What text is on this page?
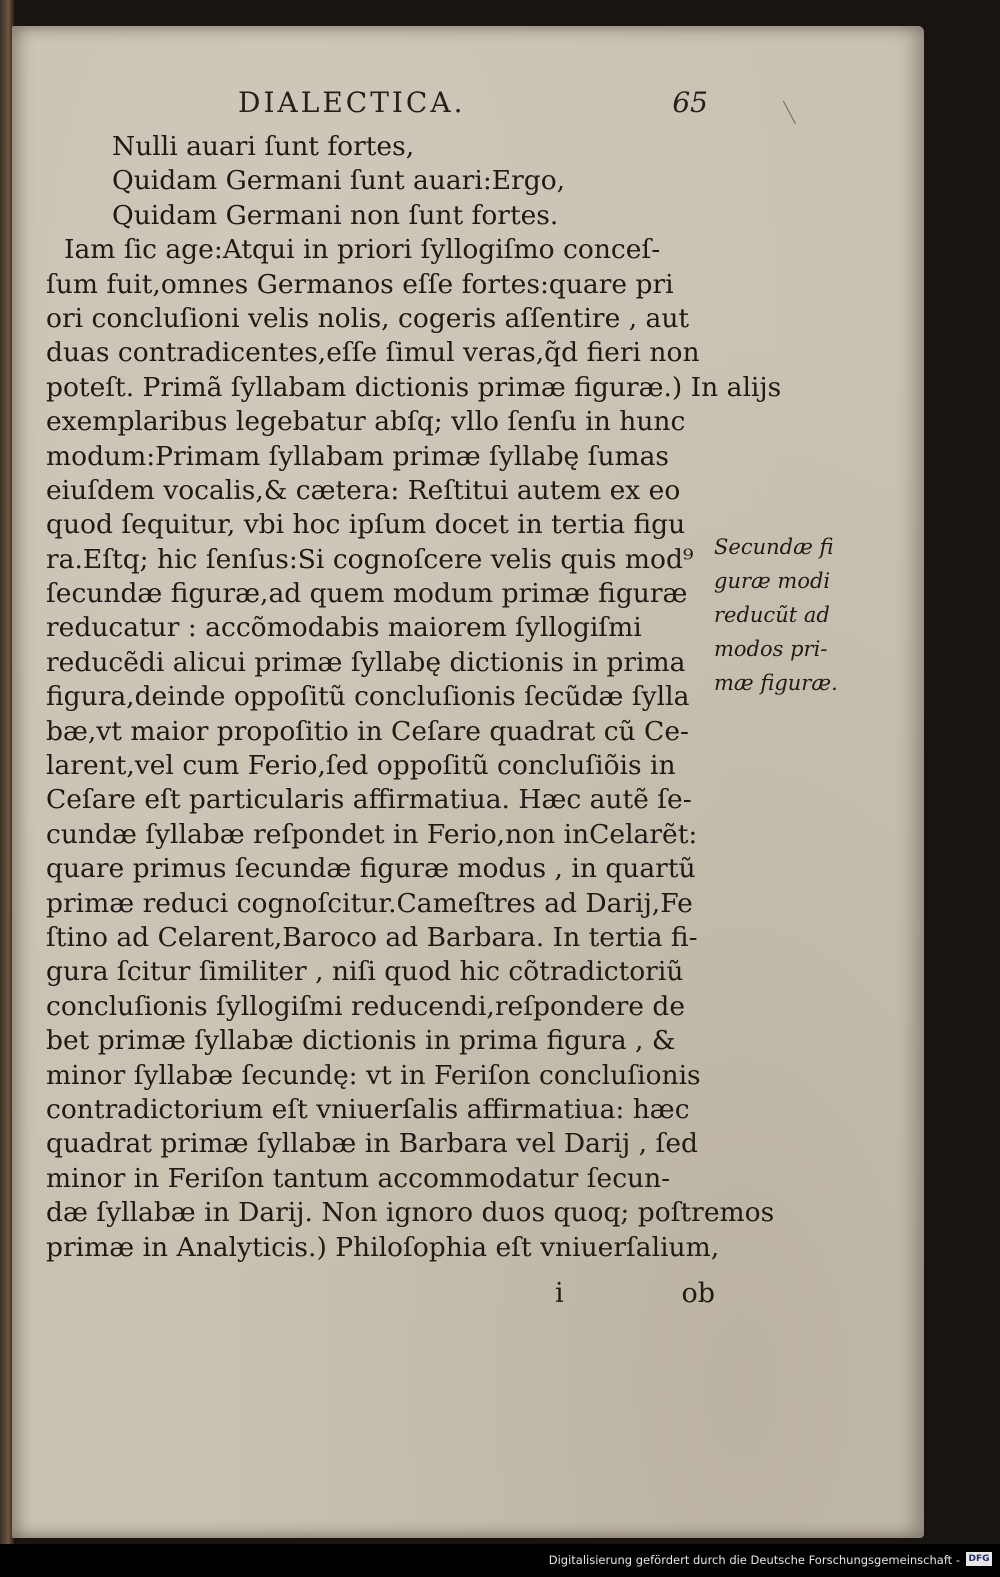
DIALECTICA.	65
Nulli auari ſunt fortes,
Quidam Germani ſunt auari:Ergo,
Quidam Germani non ſunt fortes.
Iam ſic age:Atqui in priori ſyllogiſmo conceſ-
ſum fuit,omnes Germanos eſſe fortes:quare pri
ori concluſioni velis nolis, cogeris aſſentire , aut
duas contradicentes,eſſe ſimul veras,q̃d fieri non
poteſt. Primã ſyllabam dictionis primæ figuræ.) In alijs
exemplaribus legebatur abſq; vllo ſenſu in hunc
modum:Primam ſyllabam primæ ſyllabę ſumas
eiuſdem vocalis,& cætera: Reſtitui autem ex eo
quod ſequitur, vbi hoc ipſum docet in tertia figu
ra.Eſtq; hic ſenſus:Si cognoſcere velis quis mod⁹
ſecundæ figuræ,ad quem modum primæ figuræ
reducatur : accõmodabis maiorem ſyllogiſmi
reducẽdi alicui primæ ſyllabę dictionis in prima
figura,deinde oppoſitũ concluſionis ſecũdæ ſylla
bæ,vt maior propoſitio in Ceſare quadrat cũ Ce-
larent,vel cum Ferio,ſed oppoſitũ concluſiõis in
Ceſare eſt particularis affirmatiua. Hæc autẽ ſe-
cundæ ſyllabæ reſpondet in Ferio,non inCelarẽt:
quare primus ſecundæ figuræ modus , in quartũ
primæ reduci cognoſcitur.Cameſtres ad Darij,Fe
ſtino ad Celarent,Baroco ad Barbara. In tertia fi-
gura ſcitur ſimiliter , niſi quod hic cõtradictoriũ
concluſionis ſyllogiſmi reducendi,reſpondere de
bet primæ ſyllabæ dictionis in prima figura , &
minor ſyllabæ ſecundę: vt in Feriſon concluſionis
contradictorium eſt vniuerſalis affirmatiua: hæc
quadrat primæ ſyllabæ in Barbara vel Darij , ſed
minor in Feriſon tantum accommodatur ſecun-
dæ ſyllabæ in Darij. Non ignoro duos quoq; poſtremos
primæ in Analyticis.) Philoſophia eſt vniuerſalium,
i	ob
Secundæ fi
guræ modi
reducũt ad
modos pri-
mæ figuræ.
Digitalisierung gefördert durch die Deutsche Forschungsgemeinschaft - DFG
